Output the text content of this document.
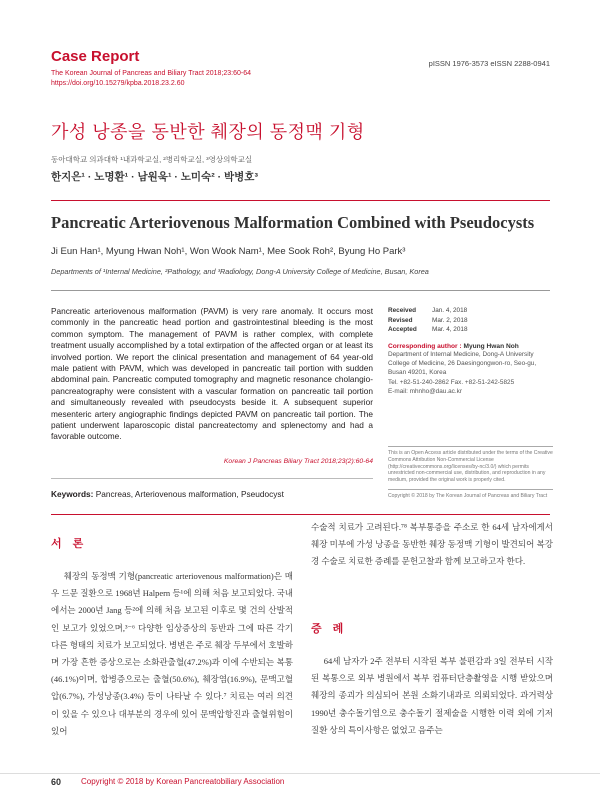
Case Report
The Korean Journal of Pancreas and Biliary Tract 2018;23:60-64
https://doi.org/10.15279/kpba.2018.23.2.60
pISSN 1976-3573 eISSN 2288-0941
가성 낭종을 동반한 췌장의 동정맥 기형
동아대학교 의과대학 ¹내과학교실, ²병리학교실, ³영상의학교실
한지은¹ · 노명환¹ · 남원욱¹ · 노미숙² · 박병호³
Pancreatic Arteriovenous Malformation Combined with Pseudocysts
Ji Eun Han¹, Myung Hwan Noh¹, Won Wook Nam¹, Mee Sook Roh², Byung Ho Park³
Departments of ¹Internal Medicine, ²Pathology, and ³Radiology, Dong-A University College of Medicine, Busan, Korea
Pancreatic arteriovenous malformation (PAVM) is very rare anomaly. It occurs most commonly in the pancreatic head portion and gastrointestinal bleeding is the most common symptom. The management of PAVM is rather complex, with complete treatment usually accomplished by a total extirpation of the affected organ or at least its involved portion. We report the clinical presentation and management of 64 year-old male patient with PAVM, which was developed in pancreatic tail portion with sudden abdominal pain. Pancreatic computed tomography and magnetic resonance cholangio-pancreatography were consistent with a vascular formation on pancreatic tail portion and simultaneously revealed with pseudocysts beside it. A subsequent superior mesenteric artery angiographic findings depicted PAVM on pancreatic tail portion. The patient underwent laparoscopic distal pancreatectomy and splenectomy and had a favorable outcome.
Korean J Pancreas Biliary Tract 2018;23(2):60-64
Keywords: Pancreas, Arteriovenous malformation, Pseudocyst
Received	Jan. 4, 2018
Revised	Mar. 2, 2018
Accepted	Mar. 4, 2018
Corresponding author : Myung Hwan Noh
Department of Internal Medicine, Dong-A University
College of Medicine, 26 Daesingongwon-ro, Seo-gu,
Busan 49201, Korea
Tel. +82-51-240-2862 Fax. +82-51-242-5825
E-mail: mhnho@dau.ac.kr
This is an Open Access article distributed under the terms of the Creative Commons Attribution Non-Commercial License (http://creativecommons.org/licenses/by-nc/3.0/) which permits unrestricted non-commercial use, distribution, and reproduction in any medium, provided the original work is properly cited.
Copyright © 2018 by The Korean Journal of Pancreas and Biliary Tract
서 론

췌장의 동정맥 기형(pancreatic arteriovenous malformation)은 매우 드문 질환으로 1968년 Halpern 등¹에 의해 처음 보고되었다. 국내에서는 2000년 Jang 등²에 의해 처음 보고된 이후로 몇 건의 산발적인 보고가 있었으며,³⁻⁶ 다양한 임상증상의 동반과 그에 따른 각기 다른 형태의 치료가 보고되었다. 병변은 주로 췌장 두부에서 호발하며 가장 흔한 증상으로는 소화관출혈(47.2%)과 이에 수반되는 복통(46.1%)이며, 합병증으로는 출혈(50.6%), 췌장염(16.9%), 문맥고혈압(6.7%), 가성낭종(3.4%) 등이 나타날 수 있다.⁷ 치료는 여러 의견이 있을 수 있으나 대부분의 경우에 있어 문맥압항진과 출혈위험이 있어

수술적 치료가 고려된다.⁷⁸ 복부통증을 주소로 한 64세 남자에게서 췌장 미부에 가성 낭종을 동반한 췌장 동정맥 기형이 발견되어 복강경 수술로 치료한 증례를 문헌고찰과 함께 보고하고자 한다.

증 례

64세 남자가 2주 전부터 시작된 복부 불편감과 3일 전부터 시작된 복통으로 외부 병원에서 복부 컴퓨터단층촬영을 시행 받았으며 췌장의 종괴가 의심되어 본원 소화기내과로 의뢰되었다. 과거력상 1990년 충수돌기염으로 충수돌기 절제술을 시행한 이력 외에 기저질환 상의 특이사항은 없었고 음주는

60 Copyright © 2018 by Korean Pancreatobiliary Association
